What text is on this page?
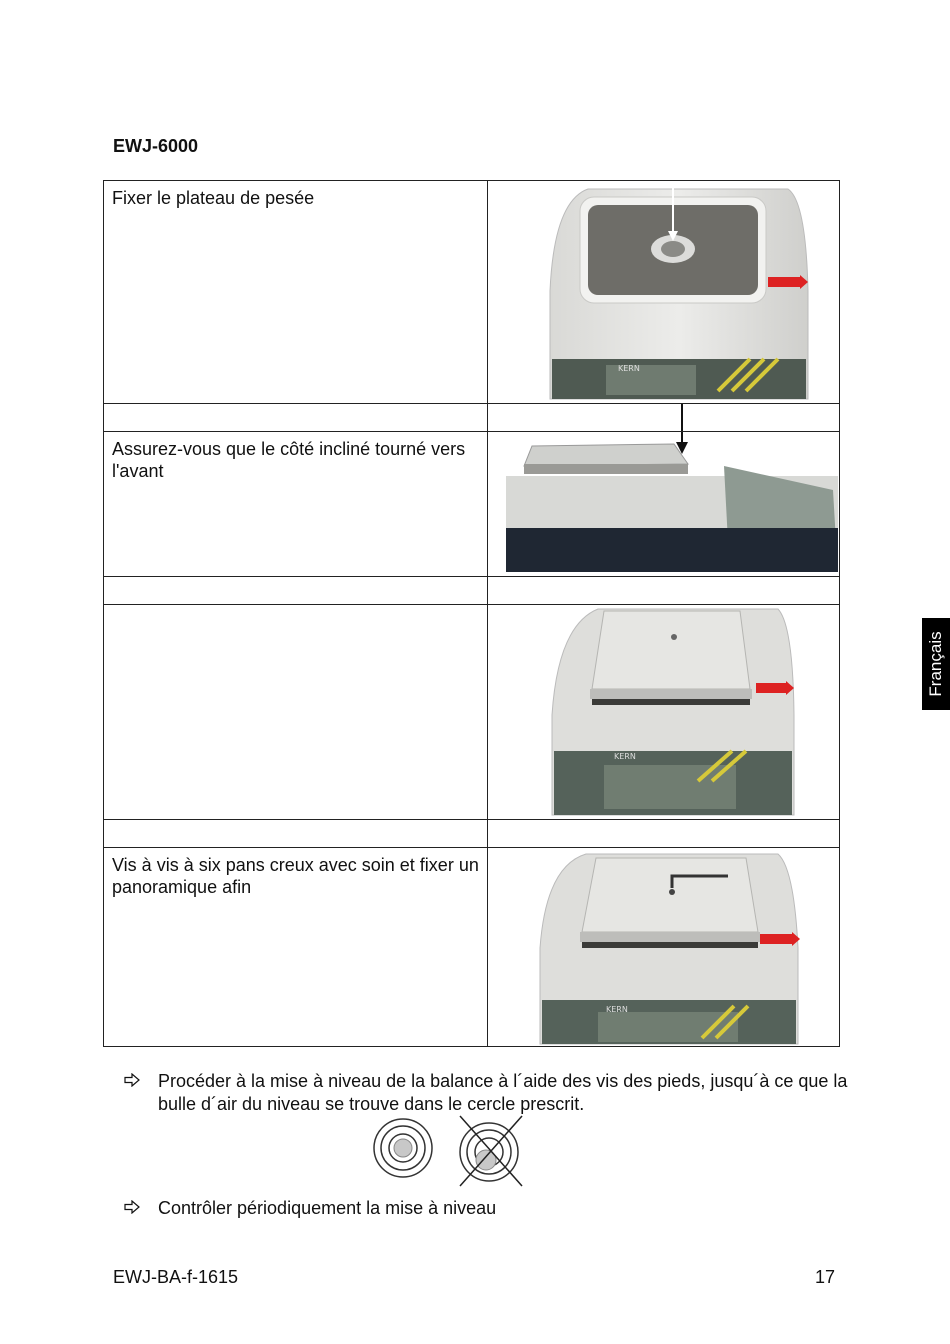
EWJ-6000
Fixer le plateau de pesée	KERN

Assurez-vous que le côté incliné tourné vers l'avant	

KERN

Vis à vis à six pans creux avec soin et fixer un panoramique afin	KERN
Français
Procéder à la mise à niveau de la balance à l´aide des vis des pieds, jusqu´à ce que la bulle d´air du niveau se trouve dans le cercle prescrit.
Contrôler périodiquement la mise à niveau
EWJ-BA-f-1615	17
